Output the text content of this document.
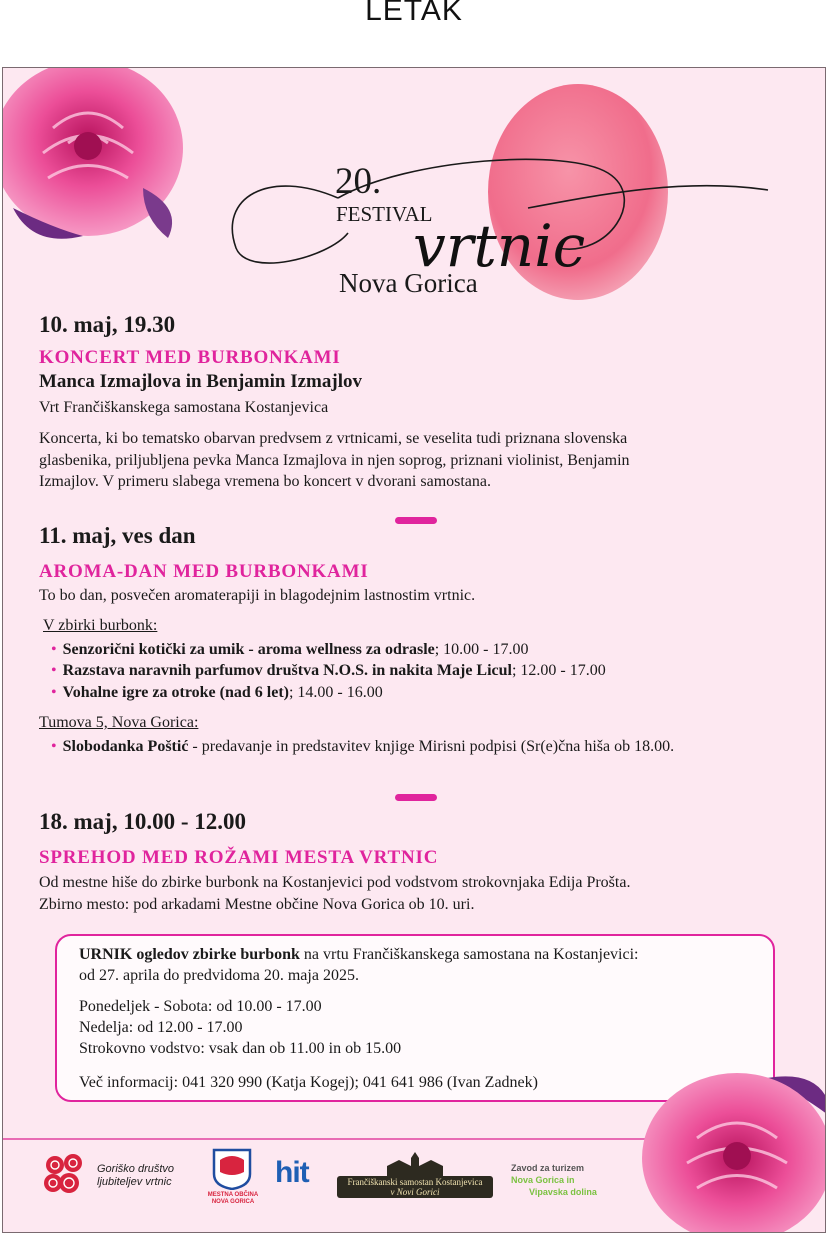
LETAK
vrtnic
20.
FESTIVAL
Nova Gorica
10. maj, 19.30
KONCERT MED BURBONKAMI
Manca Izmajlova in Benjamin Izmajlov
Vrt Frančiškanskega samostana Kostanjevica
Koncerta, ki bo tematsko obarvan predvsem z vrtnicami, se veselita tudi priznana slovenska
glasbenika, priljubljena pevka Manca Izmajlova in njen soprog, priznani violinist, Benjamin
Izmajlov. V primeru slabega vremena bo koncert v dvorani samostana.
11. maj, ves dan
AROMA-DAN MED BURBONKAMI
To bo dan, posvečen aromaterapiji in blagodejnim lastnostim vrtnic.
V zbirki burbonk:
• Senzorični kotički za umik - aroma wellness za odrasle; 10.00 - 17.00
• Razstava naravnih parfumov društva N.O.S. in nakita Maje Licul; 12.00 - 17.00
• Vohalne igre za otroke (nad 6 let); 14.00 - 16.00
Tumova 5, Nova Gorica:
• Slobodanka Poštić - predavanje in predstavitev knjige Mirisni podpisi (Sr(e)čna hiša ob 18.00.
18. maj, 10.00 - 12.00
SPREHOD MED ROŽAMI MESTA VRTNIC
Od mestne hiše do zbirke burbonk na Kostanjevici pod vodstvom strokovnjaka Edija Prošta.
Zbirno mesto: pod arkadami Mestne občine Nova Gorica ob 10. uri.
URNIK ogledov zbirke burbonk na vrtu Frančiškanskega samostana na Kostanjevici:
od 27. aprila do predvidoma 20. maja 2025.
Ponedeljek - Sobota: od 10.00 - 17.00
Nedelja: od 12.00 - 17.00
Strokovno vodstvo: vsak dan ob 11.00 in ob 15.00
Več informacij: 041 320 990 (Katja Kogej); 041 641 986 (Ivan Zadnek)
Goriško društvo
ljubiteljev vrtnic
MESTNA OBČINA
NOVA GORICA
hit	Frančiškanski samostan Kostanjevica
v Novi Gorici
Zavod za turizem
Nova Gorica in
Vipavska dolina
